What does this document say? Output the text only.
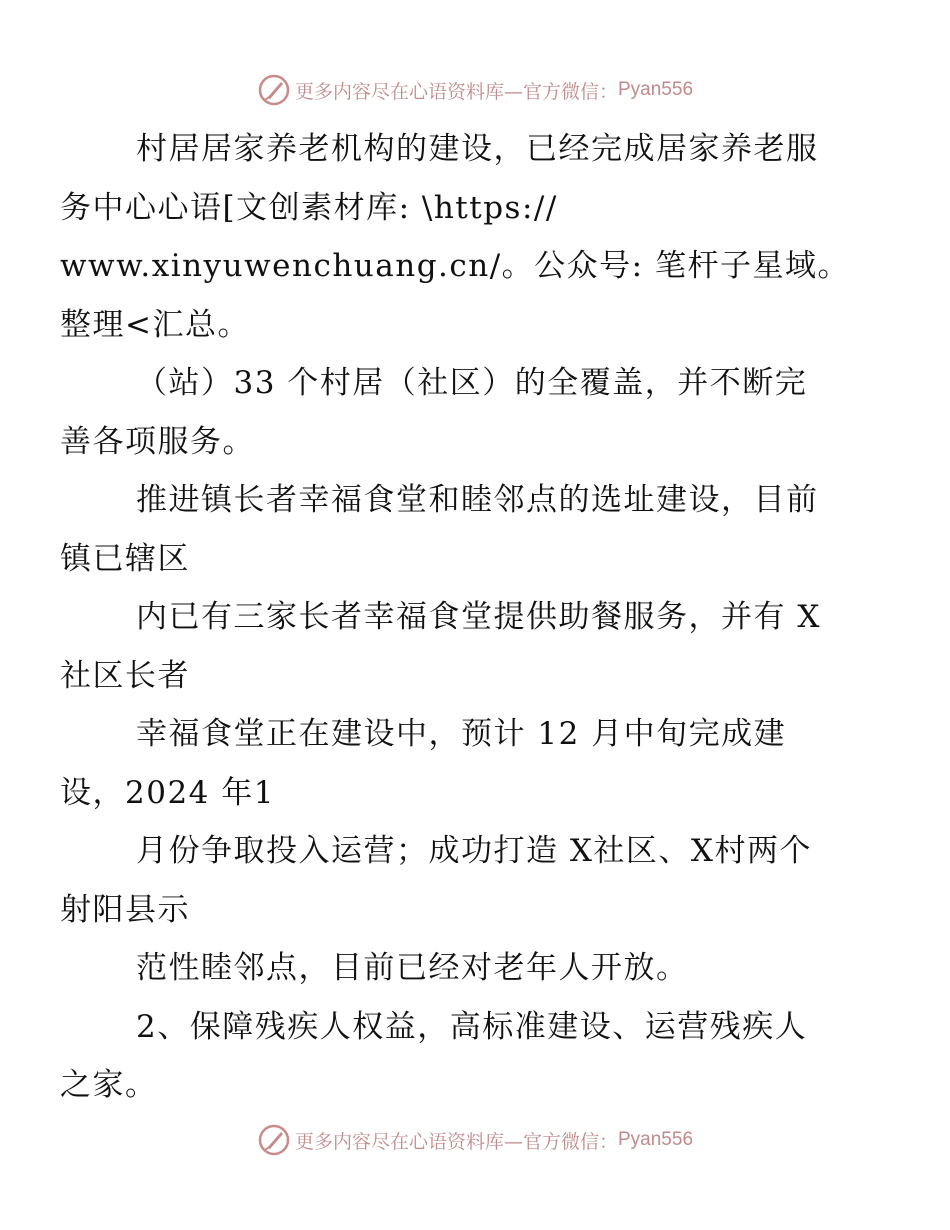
更多内容尽在心语资料库—官方微信： Pyan556

村居居家养老机构的建设，已经完成居家养老服
务中心心语[文创素材库: \https://
www.xinyuwenchuang.cn/。公众号: 笔杆子星域。
整理<汇总。

（站）33 个村居（社区）的全覆盖，并不断完
善各项服务。

推进镇长者幸福食堂和睦邻点的选址建设，目前
镇已辖区

内已有三家长者幸福食堂提供助餐服务，并有 X
社区长者

幸福食堂正在建设中，预计 12 月中旬完成建
设，2024 年1

月份争取投入运营；成功打造 X社区、X村两个
射阳县示

范性睦邻点，目前已经对老年人开放。

2、保障残疾人权益，高标准建设、运营残疾人
之家。

更多内容尽在心语资料库—官方微信： Pyan556
